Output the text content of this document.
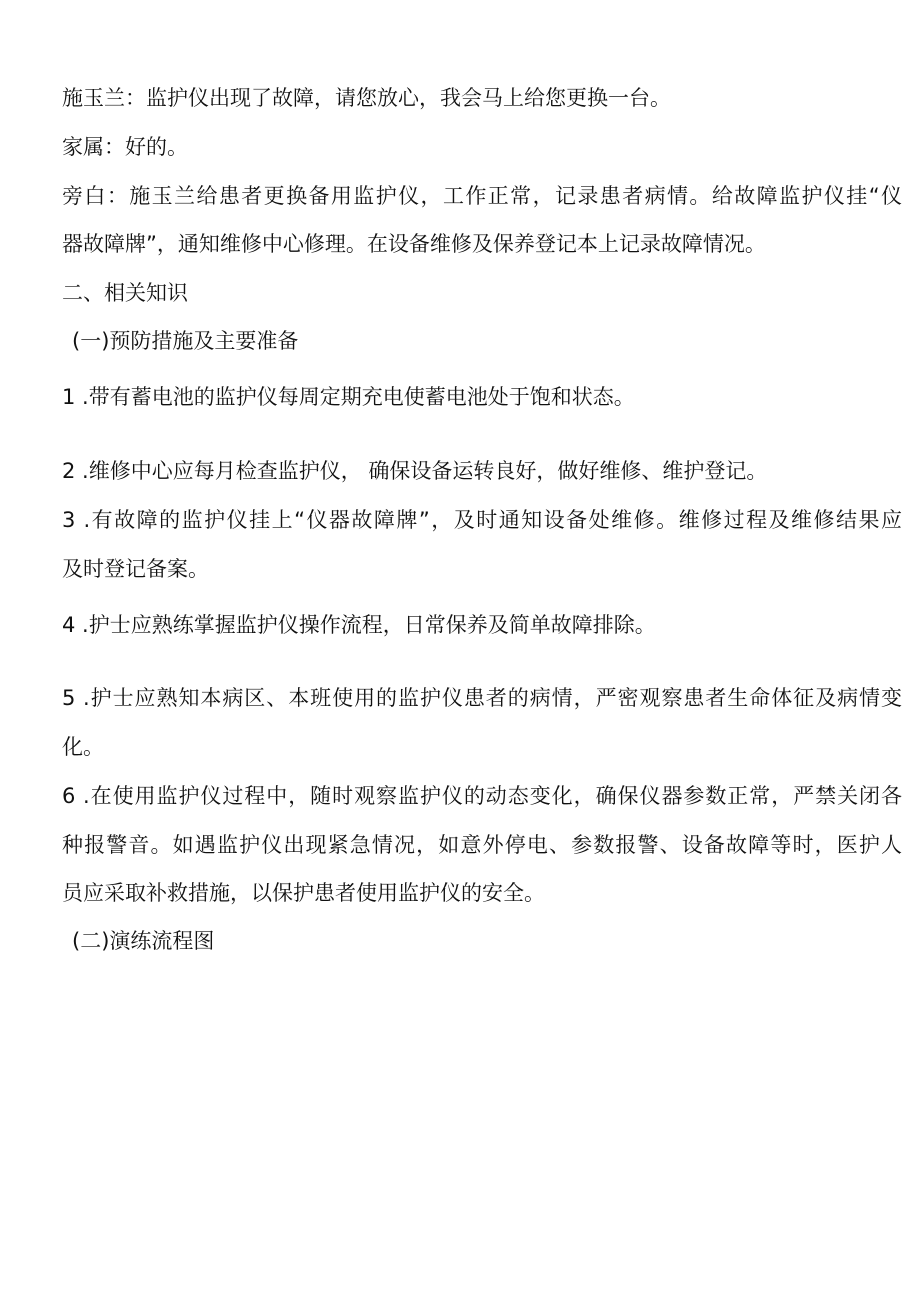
施玉兰：监护仪出现了故障，请您放心，我会马上给您更换一台。
家属：好的。
旁白：施玉兰给患者更换备用监护仪，工作正常，记录患者病情。给故障监护仪挂“仪
器故障牌”，通知维修中心修理。在设备维修及保养登记本上记录故障情况。
二、相关知识
(一)预防措施及主要准备
1 .带有蓄电池的监护仪每周定期充电使蓄电池处于饱和状态。
2 .维修中心应每月检查监护仪， 确保设备运转良好，做好维修、维护登记。
3 .有故障的监护仪挂上“仪器故障牌”，及时通知设备处维修。维修过程及维修结果应
及时登记备案。
4 .护士应熟练掌握监护仪操作流程，日常保养及简单故障排除。
5 .护士应熟知本病区、本班使用的监护仪患者的病情，严密观察患者生命体征及病情变
化。
6 .在使用监护仪过程中，随时观察监护仪的动态变化，确保仪器参数正常，严禁关闭各
种报警音。如遇监护仪出现紧急情况，如意外停电、参数报警、设备故障等时，医护人
员应采取补救措施，以保护患者使用监护仪的安全。
(二)演练流程图
